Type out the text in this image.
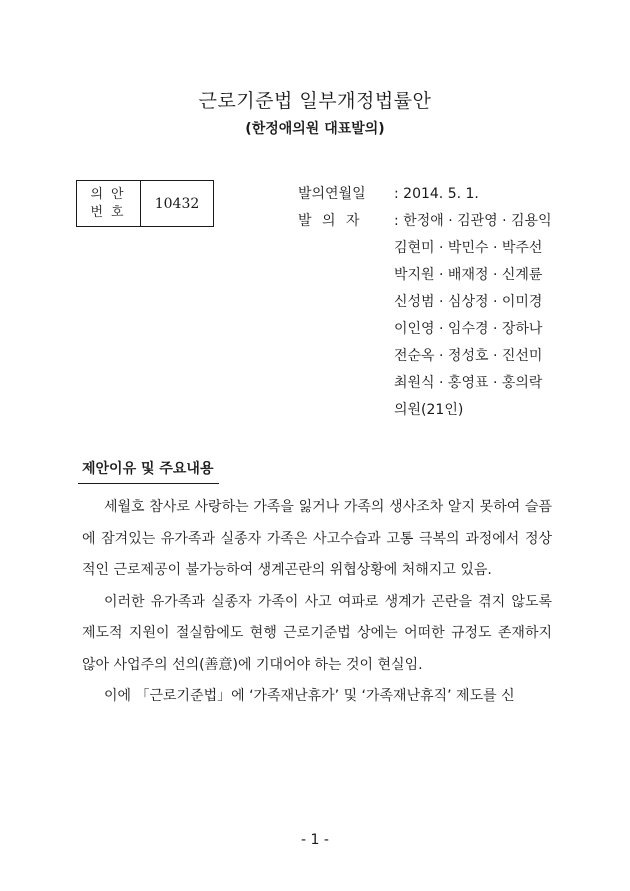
근로기준법 일부개정법률안
(한정애의원 대표발의)
의안
번호
	10432
발의연월일 : 2014. 5. 1.
발 의 자 : 한정애 · 김관영 · 김용익
김현미 · 박민수 · 박주선
박지원 · 배재정 · 신계륜
신성범 · 심상정 · 이미경
이인영 · 임수경 · 장하나
전순옥 · 정성호 · 진선미
최원식 · 홍영표 · 홍의락
의원(21인)
제안이유 및 주요내용

세월호 참사로 사랑하는 가족을 잃거나 가족의 생사조차 알지 못하여 슬픔에 잠겨있는 유가족과 실종자 가족은 사고수습과 고통 극복의 과정에서 정상적인 근로제공이 불가능하여 생계곤란의 위협상황에 처해지고 있음.

이러한 유가족과 실종자 가족이 사고 여파로 생계가 곤란을 겪지 않도록 제도적 지원이 절실함에도 현행 근로기준법 상에는 어떠한 규정도 존재하지 않아 사업주의 선의(善意)에 기대어야 하는 것이 현실임.

이에 「근로기준법」에 ‘가족재난휴가’ 및 ‘가족재난휴직’ 제도를 신

- 1 -
